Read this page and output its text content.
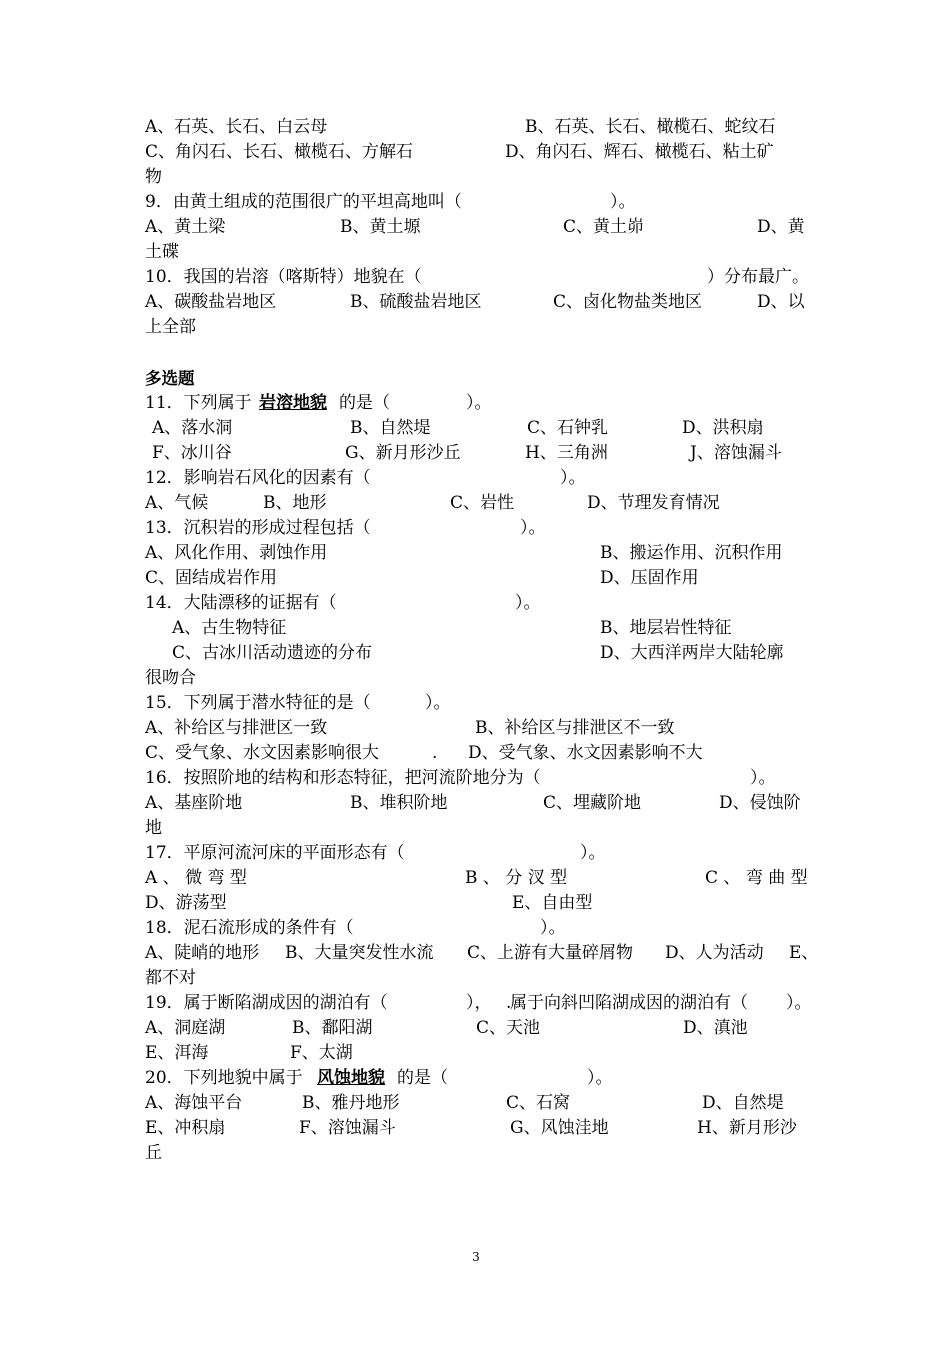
A、石英、长石、白云母	B、石英、长石、橄榄石、蛇纹石
C、角闪石、长石、橄榄石、方解石	D、角闪石、辉石、橄榄石、粘土矿
物
9．由黄土组成的范围很广的平坦高地叫（	）。
A、黄土梁	B、黄土塬	C、黄土峁	D、黄
土碟
10．我国的岩溶（喀斯特）地貌在（	）分布最广。
A、碳酸盐岩地区	B、硫酸盐岩地区	C、卤化物盐类地区	D、以
上全部
多选题
11．下列属于 岩溶地貌 的是（	）。
A、落水洞	B、自然堤	C、石钟乳	D、洪积扇
F、冰川谷	G、新月形沙丘	H、三角洲	J、溶蚀漏斗
12．影响岩石风化的因素有（	）。
A、气候	B、地形	C、岩性	D、节理发育情况
13．沉积岩的形成过程包括（	）。
A、风化作用、剥蚀作用	B、搬运作用、沉积作用
C、固结成岩作用	D、压固作用
14．大陆漂移的证据有（	）。
A、古生物特征	B、地层岩性特征
C、古冰川活动遗迹的分布	D、大西洋两岸大陆轮廓
很吻合
15．下列属于潜水特征的是（	）。
A、补给区与排泄区一致	B、补给区与排泄区不一致
C、受气象、水文因素影响很大	. D、受气象、水文因素影响不大
16．按照阶地的结构和形态特征，把河流阶地分为（	）。
A、基座阶地	B、堆积阶地	C、埋藏阶地	D、侵蚀阶
地
17．平原河流河床的平面形态有（	）。
A 、 微 弯 型	B 、 分 汊 型	C 、 弯 曲 型
D、游荡型	E、自由型
18．泥石流形成的条件有（	）。
A、陡峭的地形 B、大量突发性水流 C、上游有大量碎屑物 D、人为活动 E、
都不对
19．属于断陷湖成因的湖泊有（	）， .
属于向斜凹陷湖成因的湖泊有（ ）。
A、洞庭湖	B、鄱阳湖	C、天池	D、滇池
E、洱海	F、太湖
20．下列地貌中属于 风蚀地貌 的是（	）。
A、海蚀平台	B、雅丹地形	C、石窝	D、自然堤
E、冲积扇	F、溶蚀漏斗	G、风蚀洼地	H、新月形沙
丘
3
